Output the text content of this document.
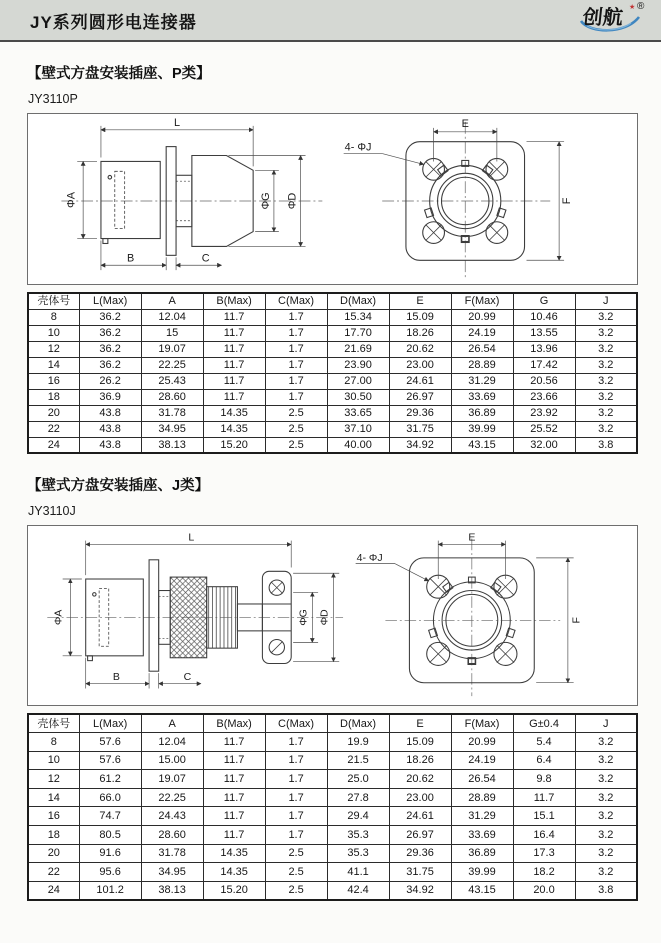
JY系列圆形电连接器	创航 ★ ®
【壁式方盘安装插座、P类】
JY3110P
L
ΦA	ΦG ΦD
B	C
4- ΦJ
E
F
壳体号	L(Max)	A	B(Max)	C(Max)	D(Max)	E	F(Max)	G	J
8	36.2	12.04	11.7	1.7	15.34	15.09	20.99	10.46	3.2
10	36.2	15	11.7	1.7	17.70	18.26	24.19	13.55	3.2
12	36.2	19.07	11.7	1.7	21.69	20.62	26.54	13.96	3.2
14	36.2	22.25	11.7	1.7	23.90	23.00	28.89	17.42	3.2
16	26.2	25.43	11.7	1.7	27.00	24.61	31.29	20.56	3.2
18	36.9	28.60	11.7	1.7	30.50	26.97	33.69	23.66	3.2
20	43.8	31.78	14.35	2.5	33.65	29.36	36.89	23.92	3.2
22	43.8	34.95	14.35	2.5	37.10	31.75	39.99	25.52	3.2
24	43.8	38.13	15.20	2.5	40.00	34.92	43.15	32.00	3.8
【壁式方盘安装插座、J类】
JY3110J
L
ΦA	ΦG ΦD
B	C
4- ΦJ
E
F
壳体号	L(Max)	A	B(Max)	C(Max)	D(Max)	E	F(Max)	G±0.4	J
8	57.6	12.04	11.7	1.7	19.9	15.09	20.99	5.4	3.2
10	57.6	15.00	11.7	1.7	21.5	18.26	24.19	6.4	3.2
12	61.2	19.07	11.7	1.7	25.0	20.62	26.54	9.8	3.2
14	66.0	22.25	11.7	1.7	27.8	23.00	28.89	11.7	3.2
16	74.7	24.43	11.7	1.7	29.4	24.61	31.29	15.1	3.2
18	80.5	28.60	11.7	1.7	35.3	26.97	33.69	16.4	3.2
20	91.6	31.78	14.35	2.5	35.3	29.36	36.89	17.3	3.2
22	95.6	34.95	14.35	2.5	41.1	31.75	39.99	18.2	3.2
24	101.2	38.13	15.20	2.5	42.4	34.92	43.15	20.0	3.8
